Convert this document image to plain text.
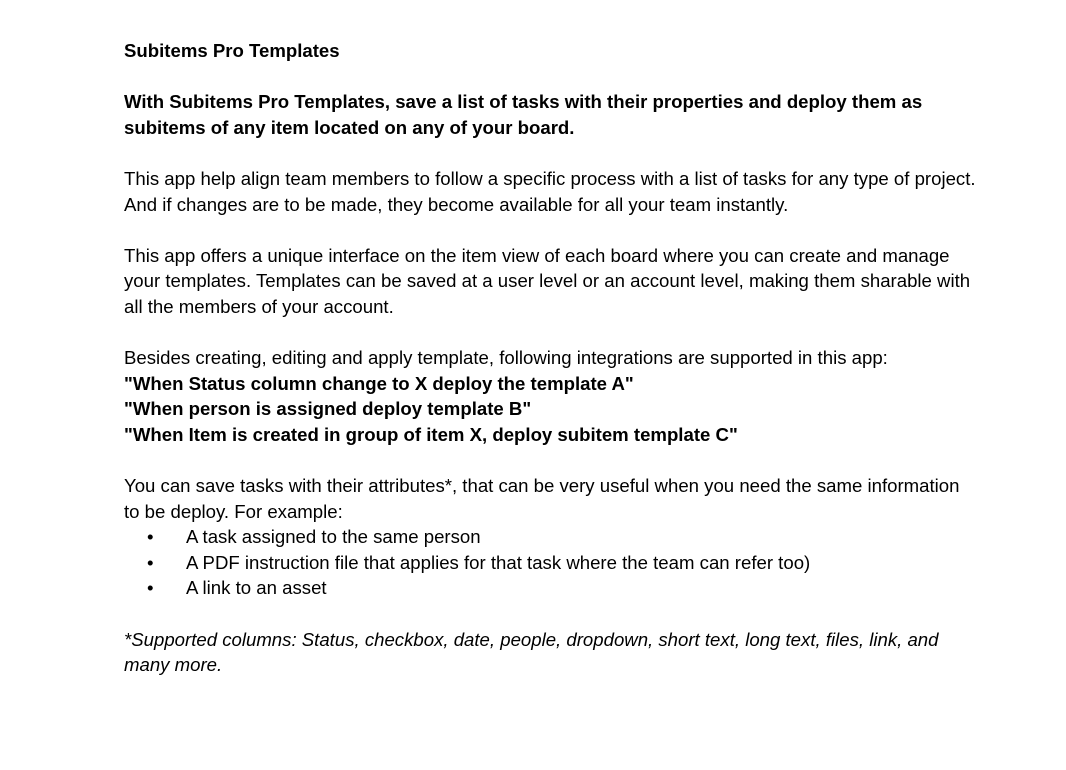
Subitems Pro Templates

With Subitems Pro Templates, save a list of tasks with their properties and deploy them as subitems of any item located on any of your board.

This app help align team members to follow a specific process with a list of tasks for any type of project. And if changes are to be made, they become available for all your team instantly.

This app offers a unique interface on the item view of each board where you can create and manage your templates. Templates can be saved at a user level or an account level, making them sharable with all the members of your account.

Besides creating, editing and apply template, following integrations are supported in this app:

"When Status column change to X deploy the template A"

"When person is assigned deploy template B"

"When Item is created in group of item X, deploy subitem template C"

You can save tasks with their attributes*, that can be very useful when you need the same information to be deploy. For example:

• A task assigned to the same person
• A PDF instruction file that applies for that task where the team can refer too)
• A link to an asset

*Supported columns: Status, checkbox, date, people, dropdown, short text, long text, files, link, and many more.
